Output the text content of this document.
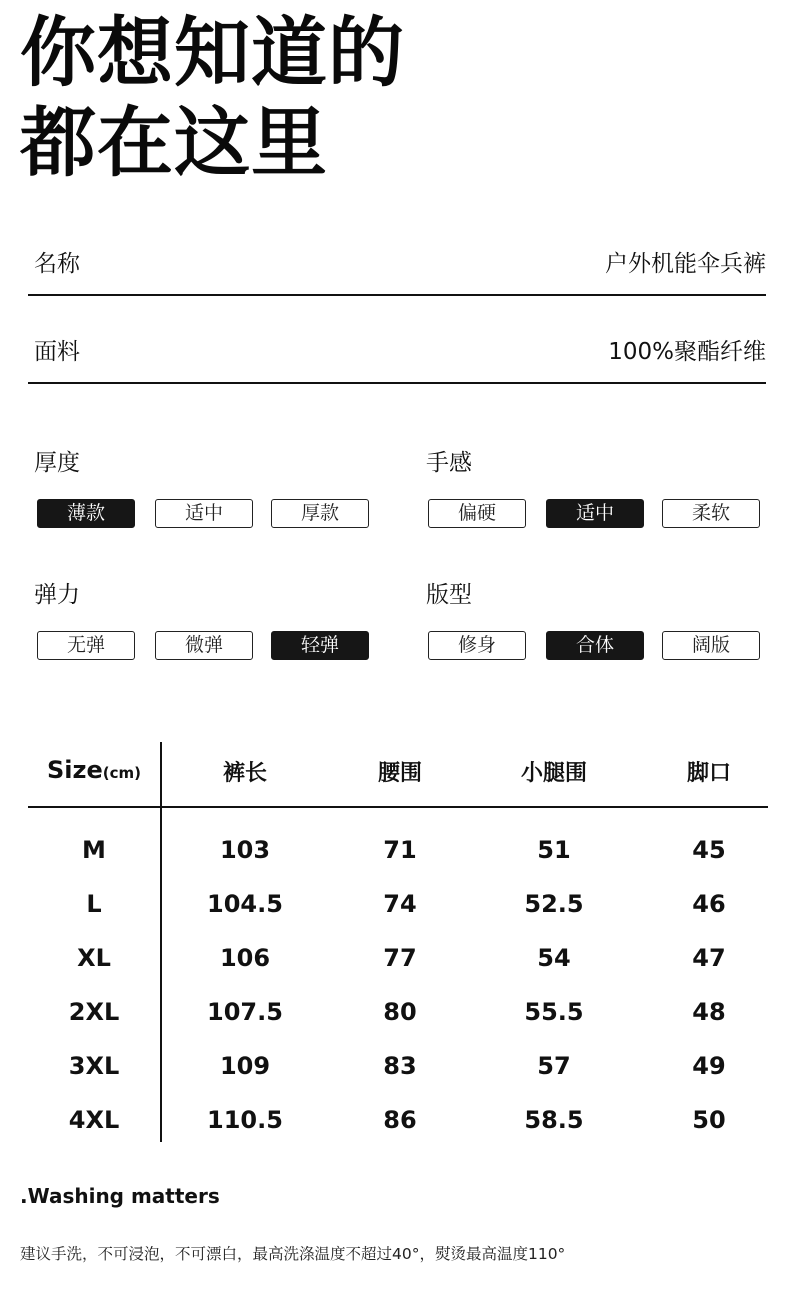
你想知道的
都在这里
名称	户外机能伞兵裤
面料	100%聚酯纤维
厚度
薄款	适中	厚款
手感
偏硬	适中	柔软
弹力
无弹	微弹	轻弹
版型
修身	合体	阔版
Size(cm)	裤长	腰围	小腿围	脚口
M	103	71	51	45
L	104.5	74	52.5	46
XL	106	77	54	47
2XL	107.5	80	55.5	48
3XL	109	83	57	49
4XL	110.5	86	58.5	50
.Washing matters
建议手洗，不可浸泡，不可漂白，最高洗涤温度不超过40°，熨烫最高温度110°
